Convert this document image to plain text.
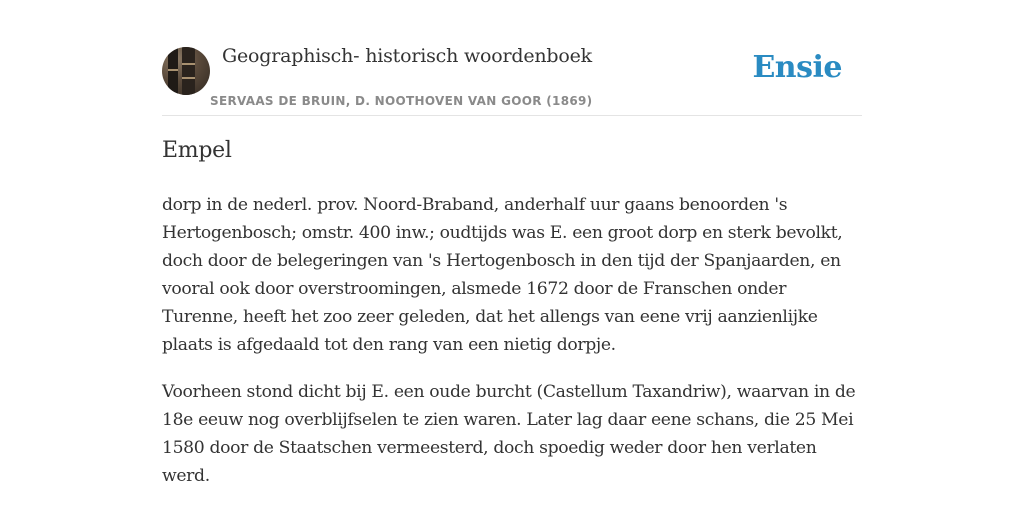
Geographisch- historisch woordenboek
SERVAAS DE BRUIN, D. NOOTHOVEN VAN GOOR (1869)
Ensie
Empel

dorp in de nederl. prov. Noord-Braband, anderhalf uur gaans benoorden 's Hertogenbosch; omstr. 400 inw.; oudtijds was E. een groot dorp en sterk bevolkt, doch door de belegeringen van 's Hertogenbosch in den tijd der Spanjaarden, en vooral ook door overstroomingen, alsmede 1672 door de Franschen onder Turenne, heeft het zoo zeer geleden, dat het allengs van eene vrij aanzienlijke plaats is afgedaald tot den rang van een nietig dorpje.

Voorheen stond dicht bij E. een oude burcht (Castellum Taxandriw), waarvan in de 18e eeuw nog overblijfselen te zien waren. Later lag daar eene schans, die 25 Mei 1580 door de Staatschen vermeesterd, doch spoedig weder door hen verlaten werd.
